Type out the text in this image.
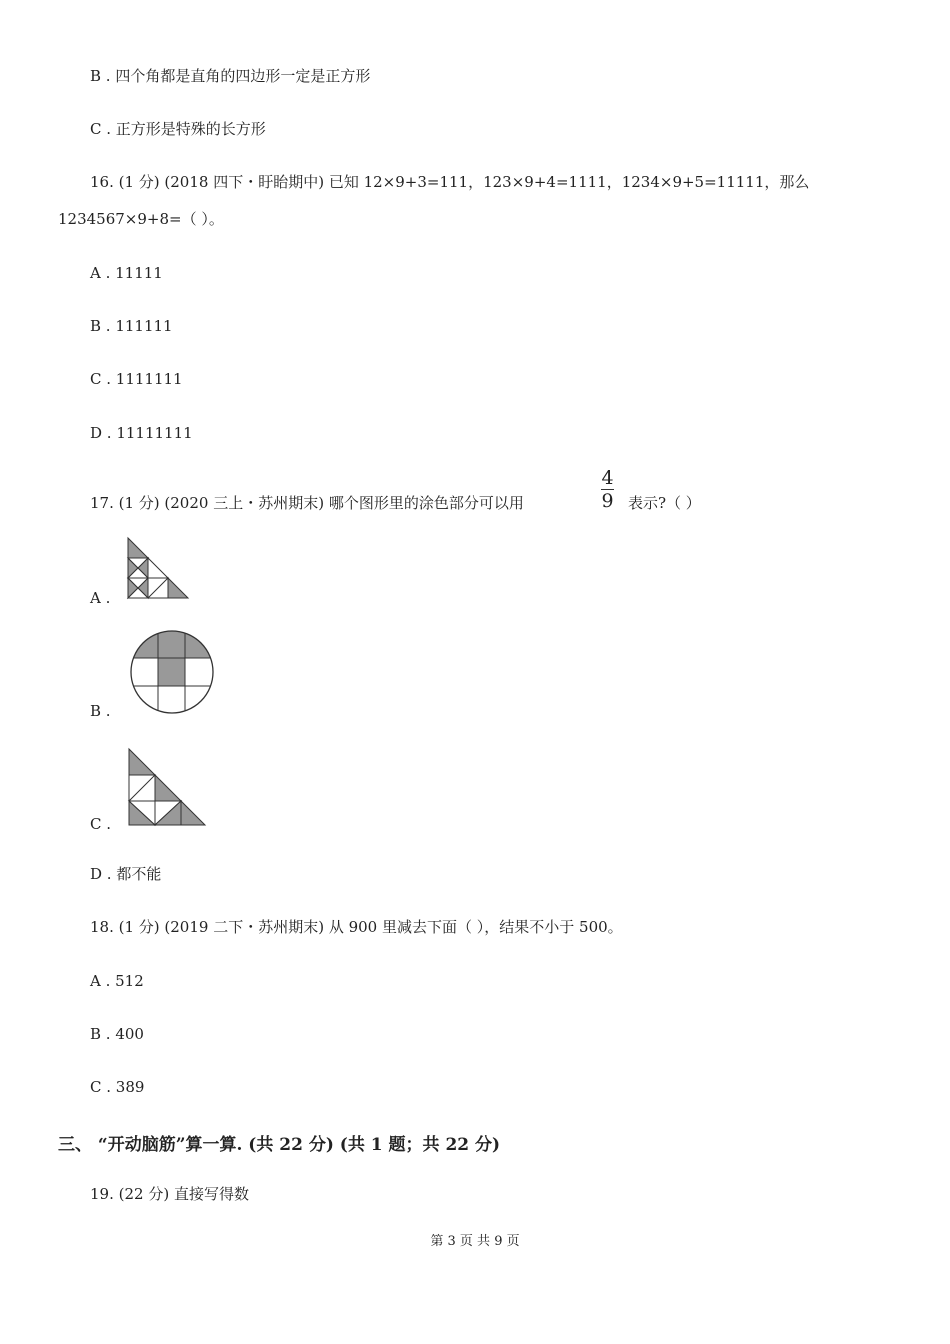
B . 四个角都是直角的四边形一定是正方形
C . 正方形是特殊的长方形
16. (1 分) (2018 四下・盱眙期中) 已知 12×9+3=111，123×9+4=1111，1234×9+5=11111，那么
1234567×9+8=（ ）。
A . 11111
B . 111111
C . 1111111
D . 11111111
17. (1 分) (2020 三上・苏州期末) 哪个图形里的涂色部分可以用
4
9 表示?（ ）
A .
B .
C .
D . 都不能
18. (1 分) (2019 二下・苏州期末) 从 900 里减去下面（ ），结果不小于 500。
A . 512
B . 400
C . 389
三、 “开动脑筋”算一算. (共 22 分) (共 1 题；共 22 分)
19. (22 分) 直接写得数
第 3 页 共 9 页
